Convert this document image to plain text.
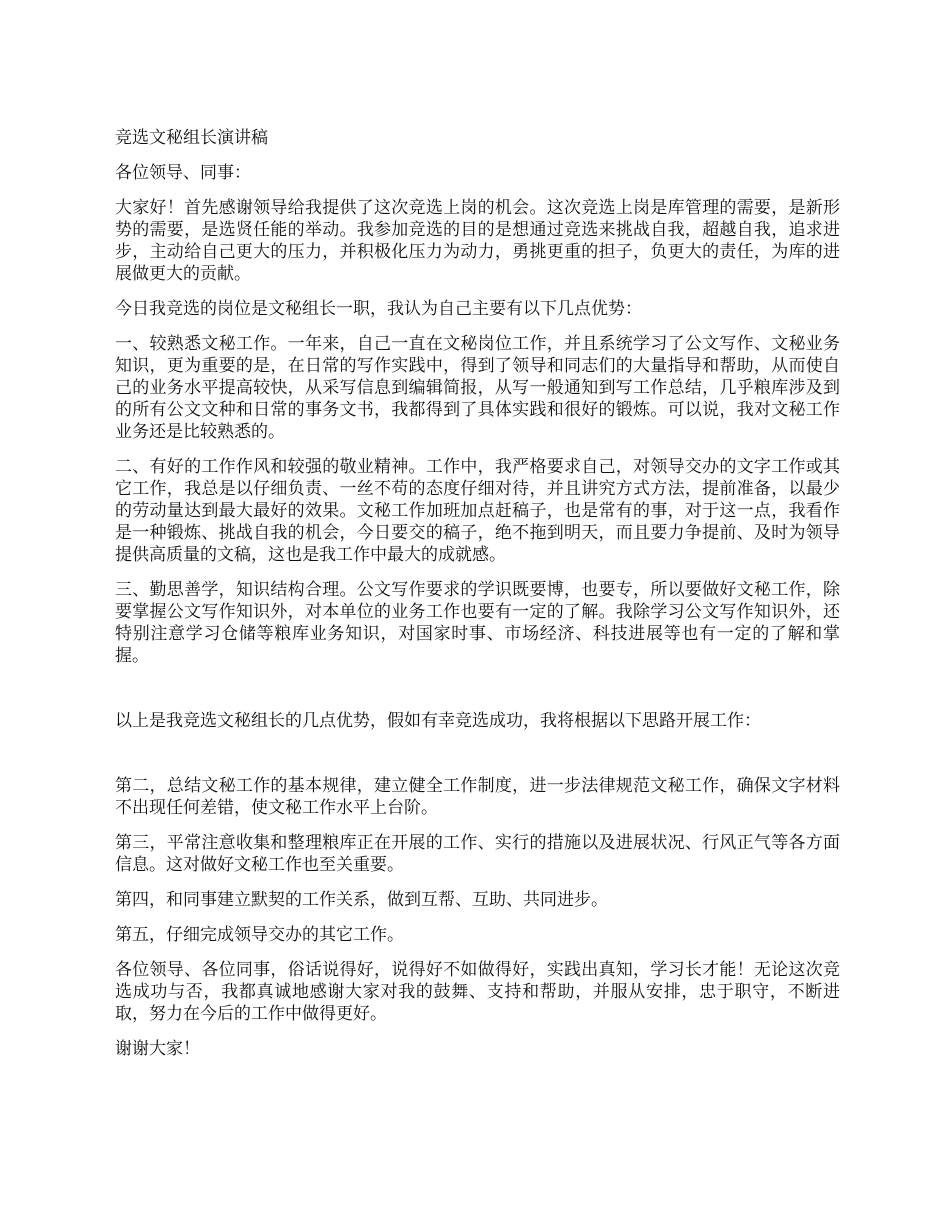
竞选文秘组长演讲稿
各位领导、同事：
大家好！首先感谢领导给我提供了这次竞选上岗的机会。这次竞选上岗是库管理的需要，是新形势的需要，是选贤任能的举动。我参加竞选的目的是想通过竞选来挑战自我，超越自我，追求进步，主动给自己更大的压力，并积极化压力为动力，勇挑更重的担子，负更大的责任，为库的进展做更大的贡献。
今日我竞选的岗位是文秘组长一职，我认为自己主要有以下几点优势：
一、较熟悉文秘工作。一年来，自己一直在文秘岗位工作，并且系统学习了公文写作、文秘业务知识，更为重要的是，在日常的写作实践中，得到了领导和同志们的大量指导和帮助，从而使自己的业务水平提高较快，从采写信息到编辑简报，从写一般通知到写工作总结，几乎粮库涉及到的所有公文文种和日常的事务文书，我都得到了具体实践和很好的锻炼。可以说，我对文秘工作业务还是比较熟悉的。
二、有好的工作作风和较强的敬业精神。工作中，我严格要求自己，对领导交办的文字工作或其它工作，我总是以仔细负责、一丝不苟的态度仔细对待，并且讲究方式方法，提前准备，以最少的劳动量达到最大最好的效果。文秘工作加班加点赶稿子，也是常有的事，对于这一点，我看作是一种锻炼、挑战自我的机会，今日要交的稿子，绝不拖到明天，而且要力争提前、及时为领导提供高质量的文稿，这也是我工作中最大的成就感。
三、勤思善学，知识结构合理。公文写作要求的学识既要博，也要专，所以要做好文秘工作，除要掌握公文写作知识外，对本单位的业务工作也要有一定的了解。我除学习公文写作知识外，还特别注意学习仓储等粮库业务知识，对国家时事、市场经济、科技进展等也有一定的了解和掌握。
以上是我竞选文秘组长的几点优势，假如有幸竞选成功，我将根据以下思路开展工作：
第二，总结文秘工作的基本规律，建立健全工作制度，进一步法律规范文秘工作，确保文字材料不出现任何差错，使文秘工作水平上台阶。
第三，平常注意收集和整理粮库正在开展的工作、实行的措施以及进展状况、行风正气等各方面信息。这对做好文秘工作也至关重要。
第四，和同事建立默契的工作关系，做到互帮、互助、共同进步。
第五，仔细完成领导交办的其它工作。
各位领导、各位同事，俗话说得好，说得好不如做得好，实践出真知，学习长才能！无论这次竞选成功与否，我都真诚地感谢大家对我的鼓舞、支持和帮助，并服从安排，忠于职守，不断进取，努力在今后的工作中做得更好。
谢谢大家！
